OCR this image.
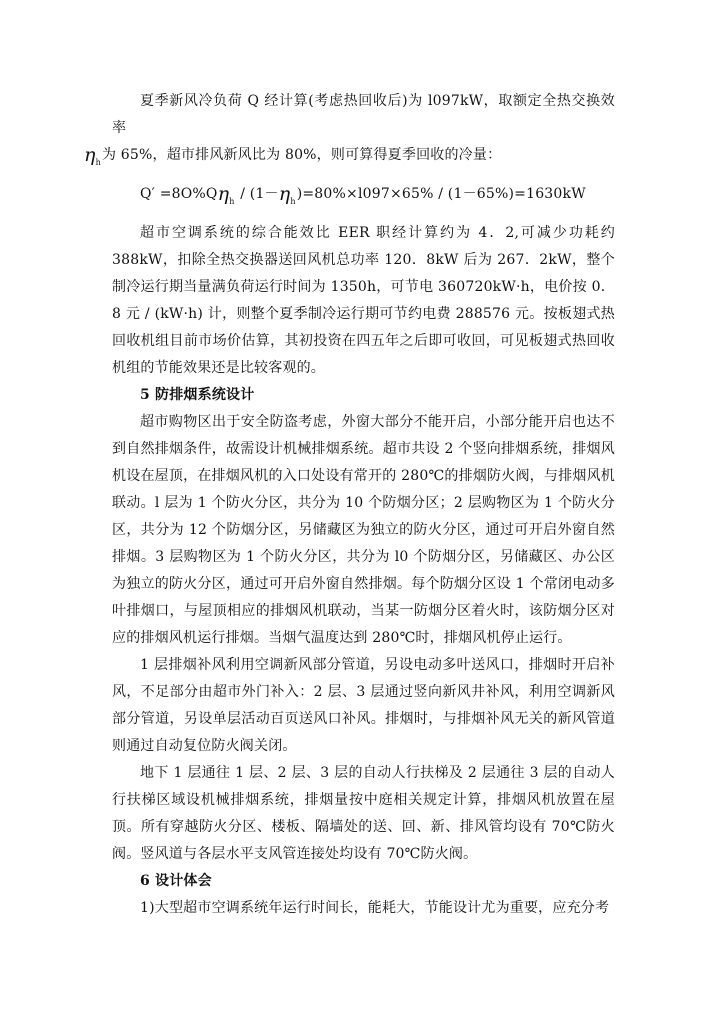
夏季新风冷负荷 Q 经计算(考虑热回收后)为 l097kW，取额定全热交换效率
$\eta_h$为 65%，超市排风新风比为 80%，则可算得夏季回收的冷量：

$Q' =8O\%Q\eta_h / (1-\eta_h)=80\%\times l097\times 65\% / (1-65\%)=1630kW$

超市空调系统的综合能效比 EER 职经计算约为 4．2,可减少功耗约 388kW，扣除全热交换器送回风机总功率 120．8kW 后为 267．2kW，整个制冷运行期当量满负荷运行时间为 1350h，可节电 360720kW·h，电价按 0．8 元 / (kW·h) 计，则整个夏季制冷运行期可节约电费 288576 元。按板翅式热回收机组目前市场价估算，其初投资在四五年之后即可收回，可见板翅式热回收机组的节能效果还是比较客观的。

5 防排烟系统设计

超市购物区出于安全防盗考虑，外窗大部分不能开启，小部分能开启也达不到自然排烟条件，故需设计机械排烟系统。超市共设 2 个竖向排烟系统，排烟风机设在屋顶，在排烟风机的入口处设有常开的 280℃的排烟防火阀，与排烟风机联动。l 层为 1 个防火分区，共分为 10 个防烟分区；2 层购物区为 1 个防火分区，共分为 12 个防烟分区，另储藏区为独立的防火分区，通过可开启外窗自然排烟。3 层购物区为 1 个防火分区，共分为 l0 个防烟分区，另储藏区、办公区为独立的防火分区，通过可开启外窗自然排烟。每个防烟分区设 1 个常闭电动多叶排烟口，与屋顶相应的排烟风机联动，当某一防烟分区着火时，该防烟分区对应的排烟风机运行排烟。当烟气温度达到 280℃时，排烟风机停止运行。

1 层排烟补风利用空调新风部分管道，另设电动多叶送风口，排烟时开启补风，不足部分由超市外门补入：2 层、3 层通过竖向新风井补风，利用空调新风部分管道，另设单层活动百页送风口补风。排烟时，与排烟补风无关的新风管道则通过自动复位防火阀关闭。

地下 1 层通往 1 层、2 层、3 层的自动人行扶梯及 2 层通往 3 层的自动人行扶梯区域设机械排烟系统，排烟量按中庭相关规定计算，排烟风机放置在屋顶。所有穿越防火分区、楼板、隔墙处的送、回、新、排风管均设有 70℃防火阀。竖风道与各层水平支风管连接处均设有 70℃防火阀。

6 设计体会

1)大型超市空调系统年运行时间长，能耗大，节能设计尤为重要，应充分考
